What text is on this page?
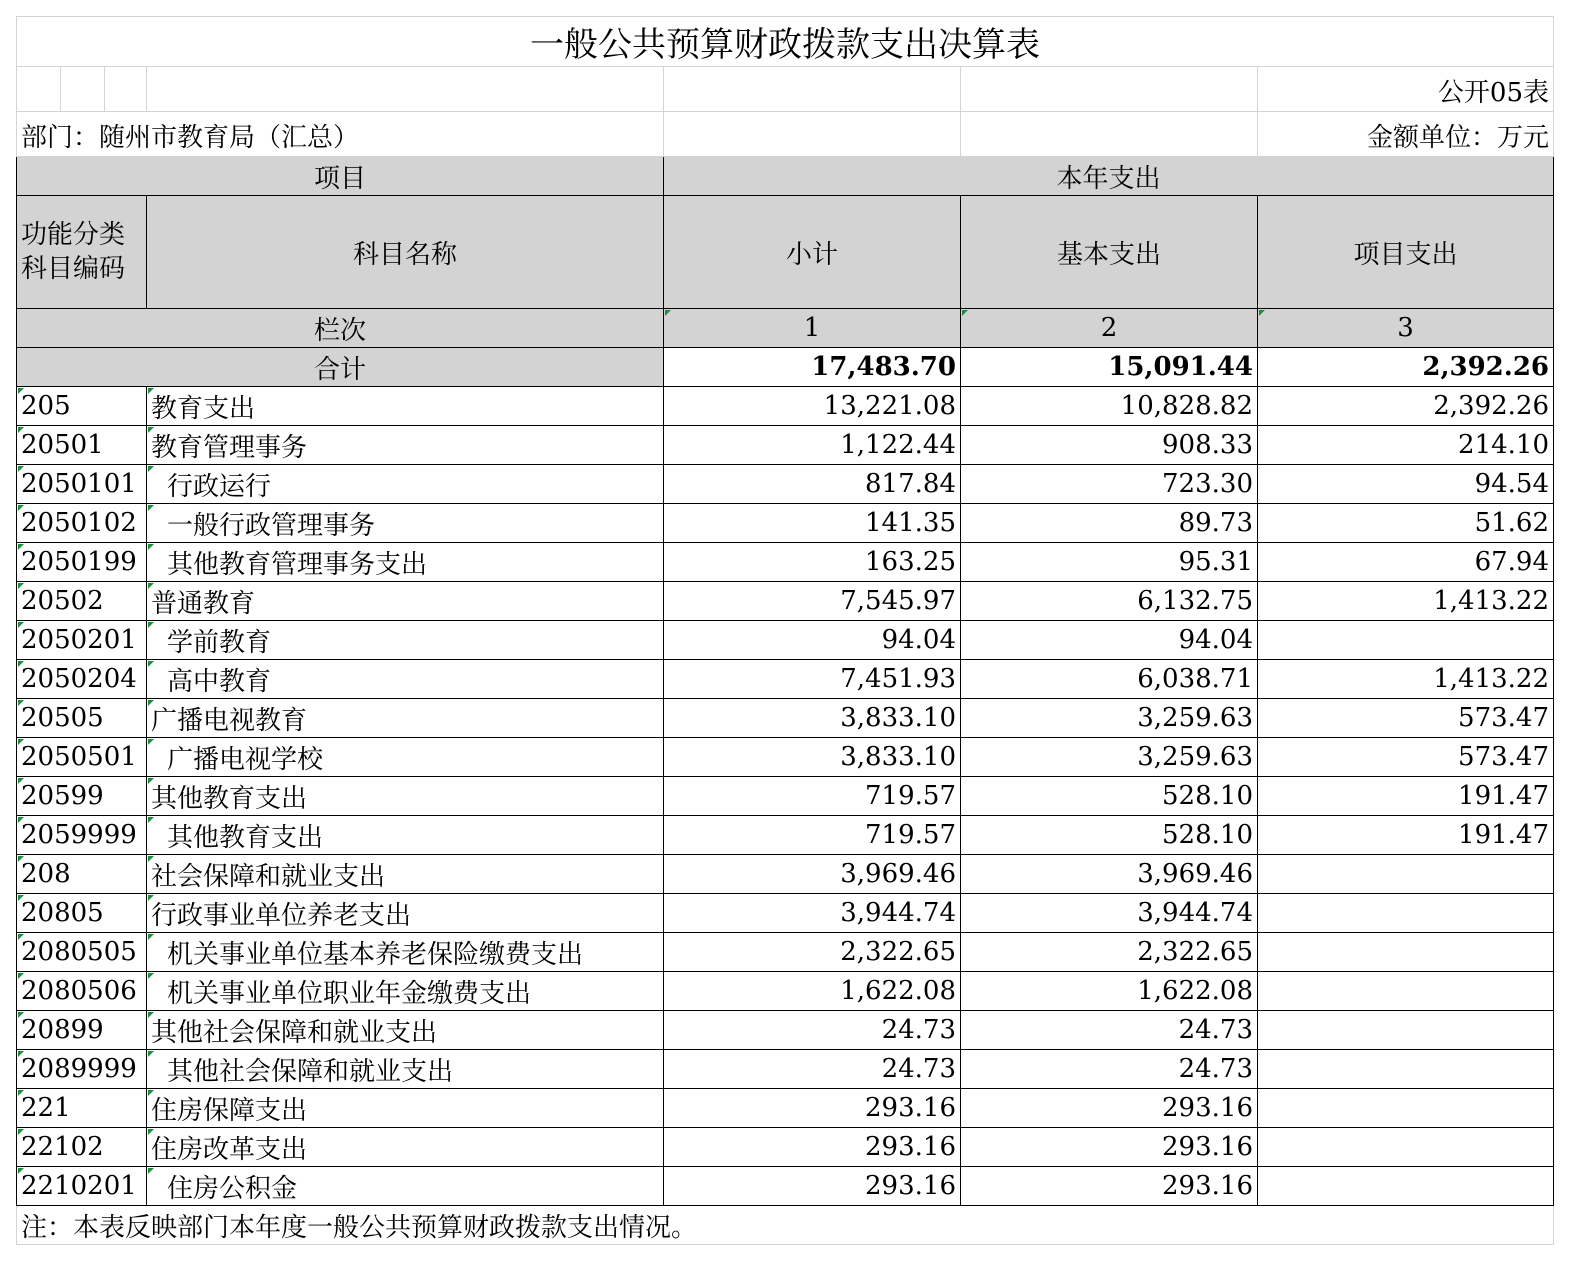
一般公共预算财政拨款支出决算表						
						公开05表
部门：随州市教育局（汇总）						金额单位：万元
项目				本年支出		

功能分类
科目编码			科目名称	小计	基本支出	项目支出
栏次				1	2	3
合计				17,483.70	15,091.44	2,392.26
205			教育支出	13,221.08	10,828.82	2,392.26
20501			教育管理事务	1,122.44	908.33	214.10
2050101			行政运行	817.84	723.30	94.54
2050102			一般行政管理事务	141.35	89.73	51.62
2050199			其他教育管理事务支出	163.25	95.31	67.94
20502			普通教育	7,545.97	6,132.75	1,413.22
2050201			学前教育	94.04	94.04	
2050204			高中教育	7,451.93	6,038.71	1,413.22
20505			广播电视教育	3,833.10	3,259.63	573.47
2050501			广播电视学校	3,833.10	3,259.63	573.47
20599			其他教育支出	719.57	528.10	191.47
2059999			其他教育支出	719.57	528.10	191.47
208			社会保障和就业支出	3,969.46	3,969.46	
20805			行政事业单位养老支出	3,944.74	3,944.74	
2080505			机关事业单位基本养老保险缴费支出	2,322.65	2,322.65	
2080506			机关事业单位职业年金缴费支出	1,622.08	1,622.08	
20899			其他社会保障和就业支出	24.73	24.73	
2089999			其他社会保障和就业支出	24.73	24.73	
221			住房保障支出	293.16	293.16	
22102			住房改革支出	293.16	293.16	
2210201			住房公积金	293.16	293.16	
注：本表反映部门本年度一般公共预算财政拨款支出情况。						
